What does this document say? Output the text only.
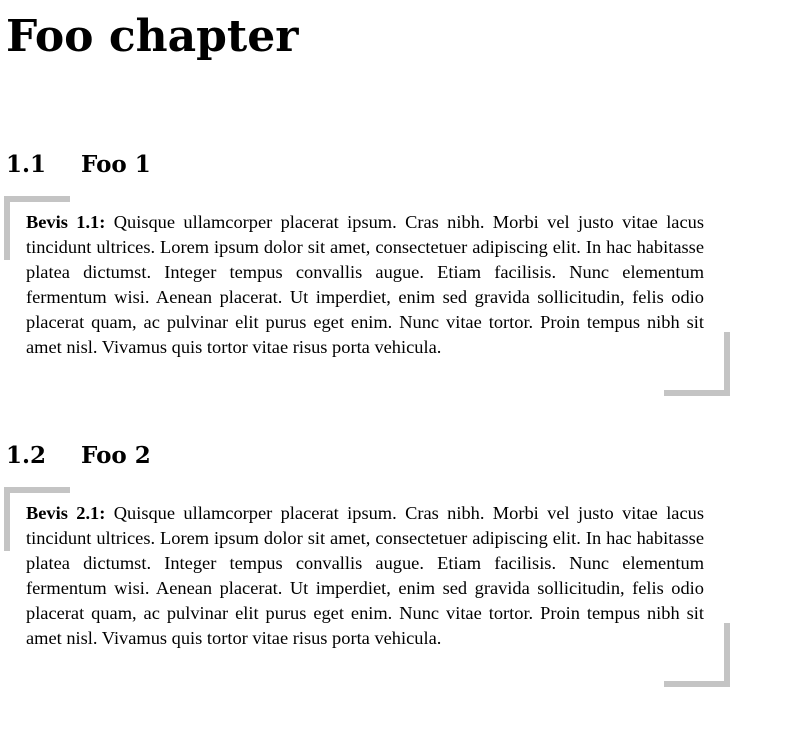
Foo chapter
1.1 Foo 1

Bevis 1.1: Quisque ullamcorper placerat ipsum. Cras nibh. Morbi vel justo vitae lacus tincidunt ultrices. Lorem ipsum dolor sit amet, consectetuer adipiscing elit. In hac habitasse platea dictumst. Integer tempus convallis augue. Etiam facilisis. Nunc elementum fermentum wisi. Aenean placerat. Ut imperdiet, enim sed gravida sollicitudin, felis odio placerat quam, ac pulvinar elit purus eget enim. Nunc vitae tortor. Proin tempus nibh sit amet nisl. Vivamus quis tortor vitae risus porta vehicula.

1.2 Foo 2

Bevis 2.1: Quisque ullamcorper placerat ipsum. Cras nibh. Morbi vel justo vitae lacus tincidunt ultrices. Lorem ipsum dolor sit amet, consectetuer adipiscing elit. In hac habitasse platea dictumst. Integer tempus convallis augue. Etiam facilisis. Nunc elementum fermentum wisi. Aenean placerat. Ut imperdiet, enim sed gravida sollicitudin, felis odio placerat quam, ac pulvinar elit purus eget enim. Nunc vitae tortor. Proin tempus nibh sit amet nisl. Vivamus quis tortor vitae risus porta vehicula.
